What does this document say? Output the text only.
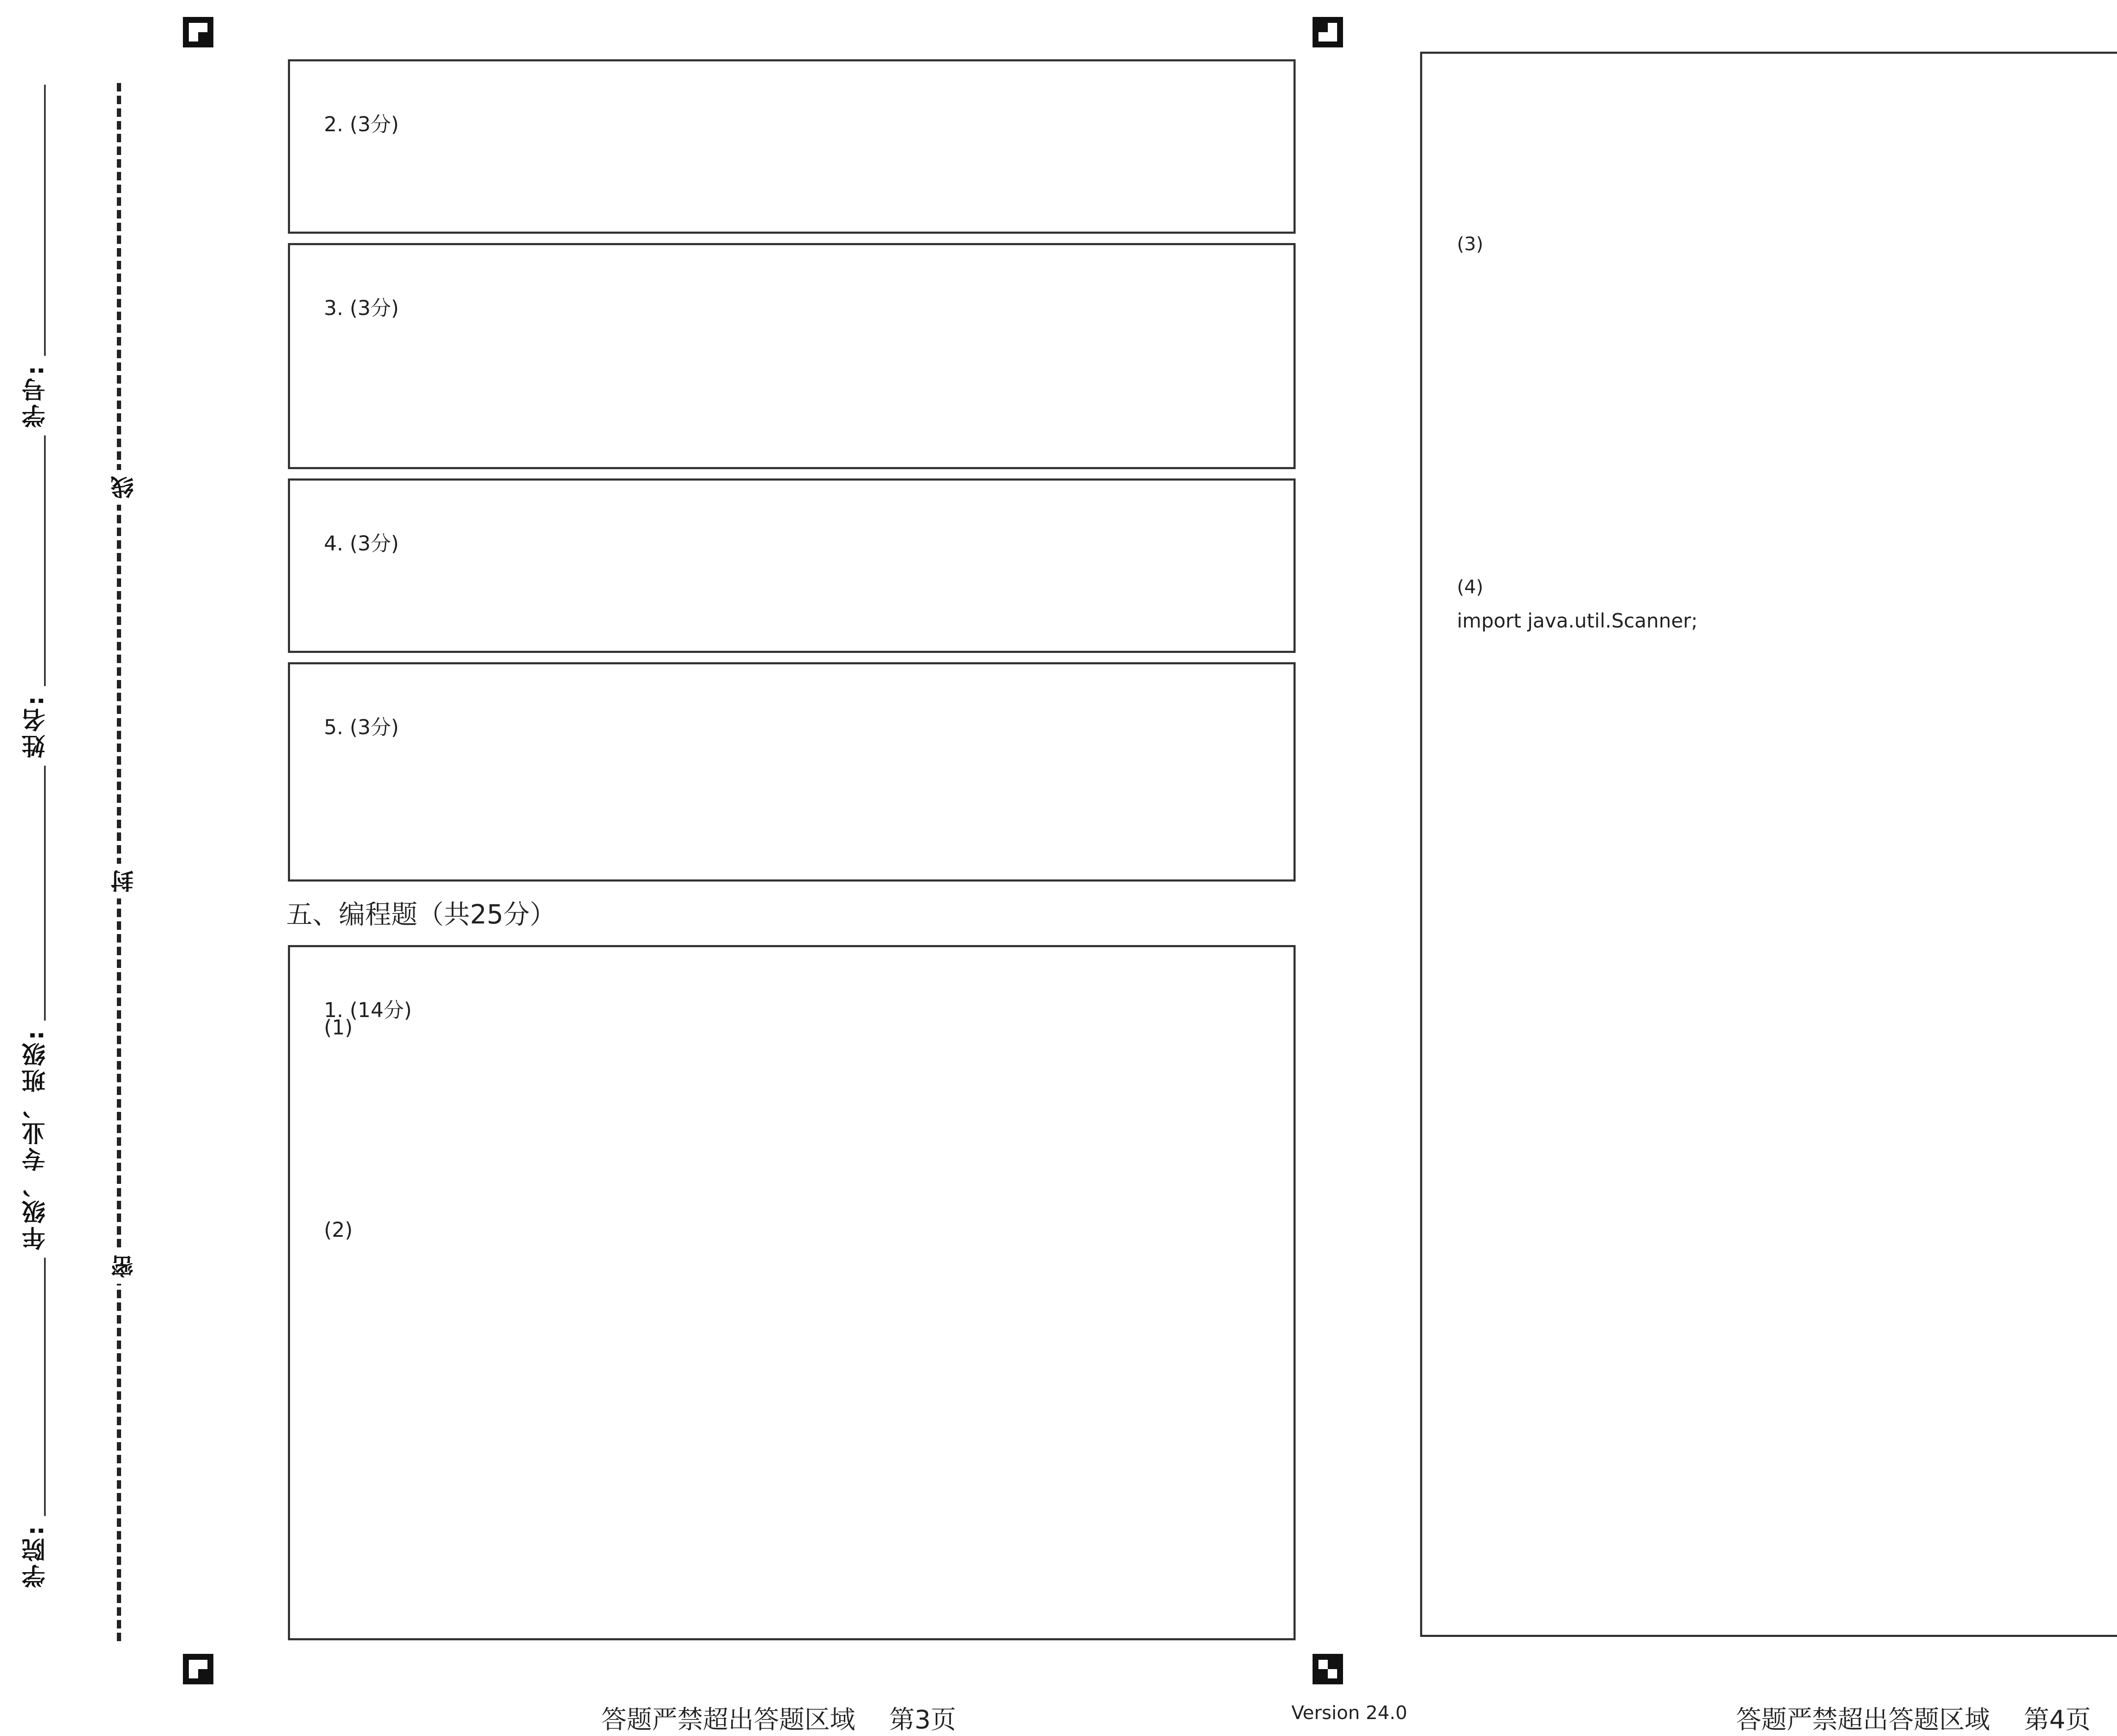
学号:
姓名:
年级、专业、班级:
学院:
线
封
密
2. (3分)
3. (3分)
4. (3分)
5. (3分)
五、编程题（共25分）
1. (14分)
(1)
(2)
答题严禁超出答题区域 第3页	Version 24.0
(3)
(4)
import java.util.Scanner;
答题严禁超出答题区域 第4页
